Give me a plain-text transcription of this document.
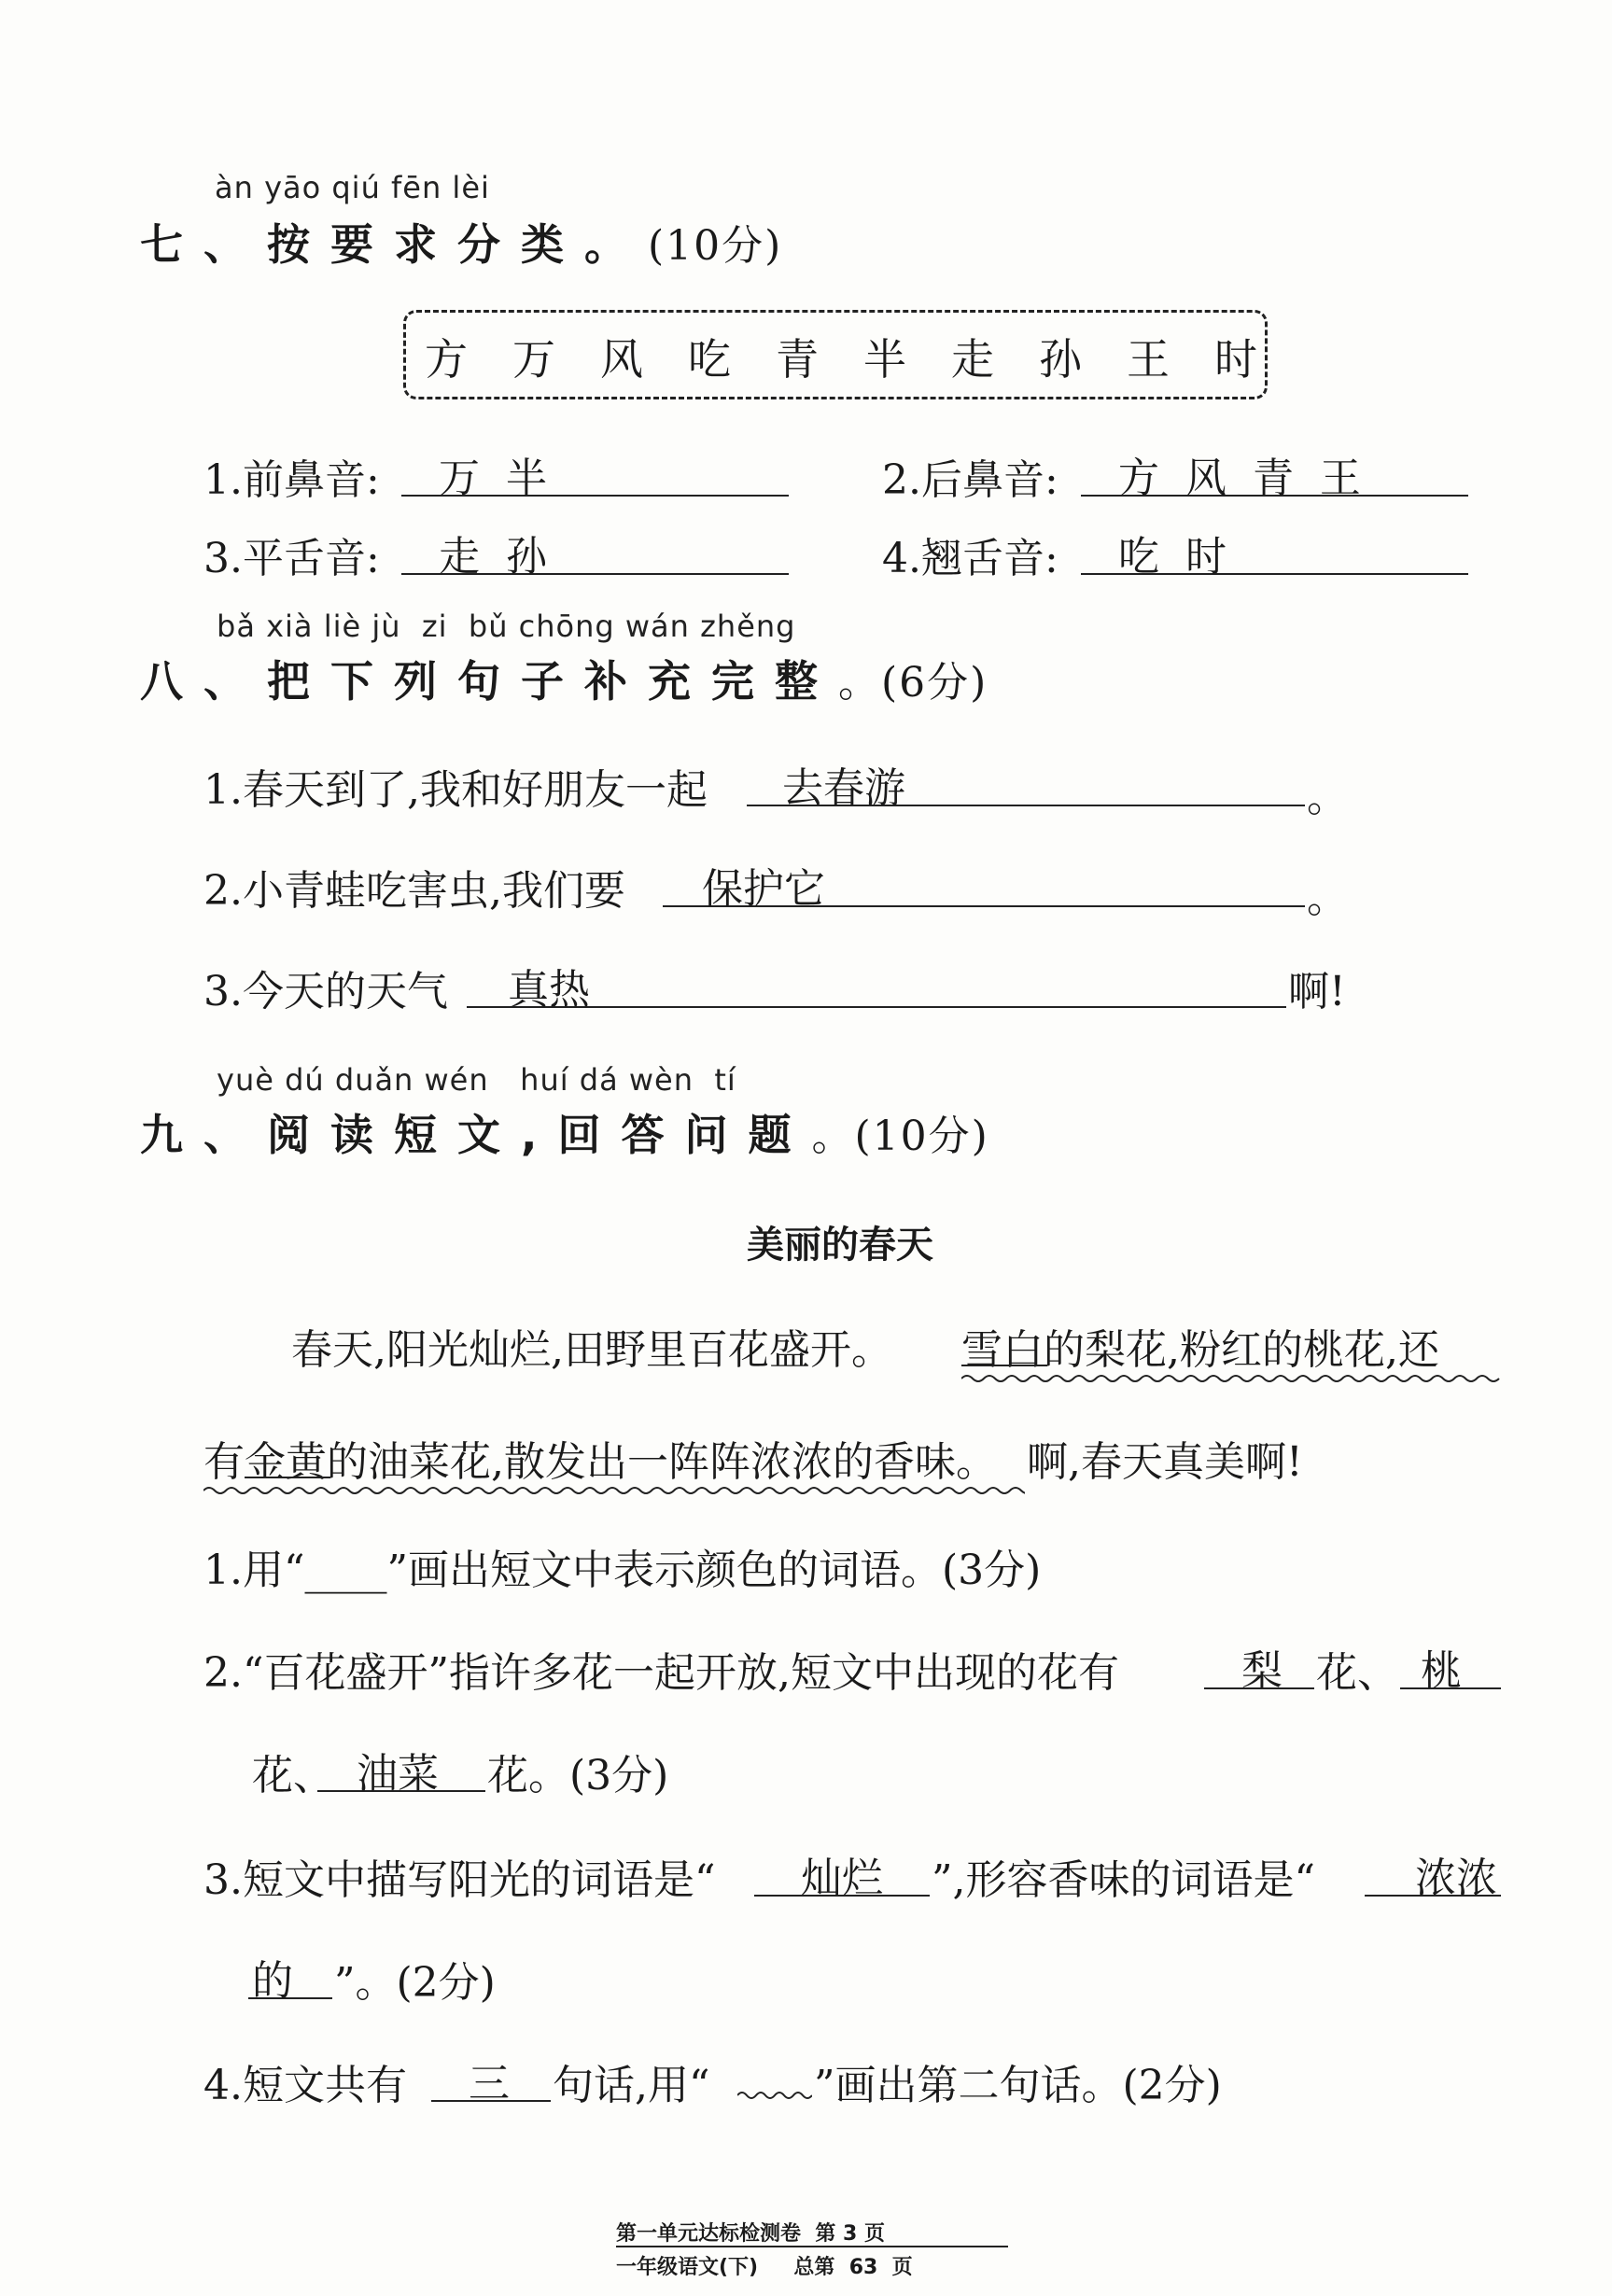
àn yāo qiú fēn lèi
七、按要求分类。(10分)
方 万 风 吃 青 半 走 孙 王 时
1.前鼻音: 万  半	2.后鼻音: 方  风  青  王
3.平舌音: 走  孙	4.翘舌音: 吃  时
bǎ xià liè jù  zi  bǔ chōng wán zhěng
八、把下列句子补充完整。(6分)
1.春天到了,我和好朋友一起 去春游	。
2.小青蛙吃害虫,我们要 保护它	。
3.今天的天气 真热	啊!
yuè dú duǎn wén   huí dá wèn  tí
九、阅读短文,回答问题。(10分)
美丽的春天
春天,阳光灿烂,田野里百花盛开。 雪白的梨花,粉红的桃花,还
有金黄的油菜花,散发出一阵阵浓浓的香味。 啊,春天真美啊!
1.用“____”画出短文中表示颜色的词语。(3分)
2.“百花盛开”指许多花一起开放,短文中出现的花有	梨 花、 桃
花、 油菜 花。(3分)
3.短文中描写阳光的词语是“ 灿烂 ”,形容香味的词语是“ 浓浓
的 ”。(2分)
4.短文共有 三 句话,用“	”画出第二句话。(2分)
第一单元达标检测卷  第 3 页
一年级语文(下)     总第  63  页
